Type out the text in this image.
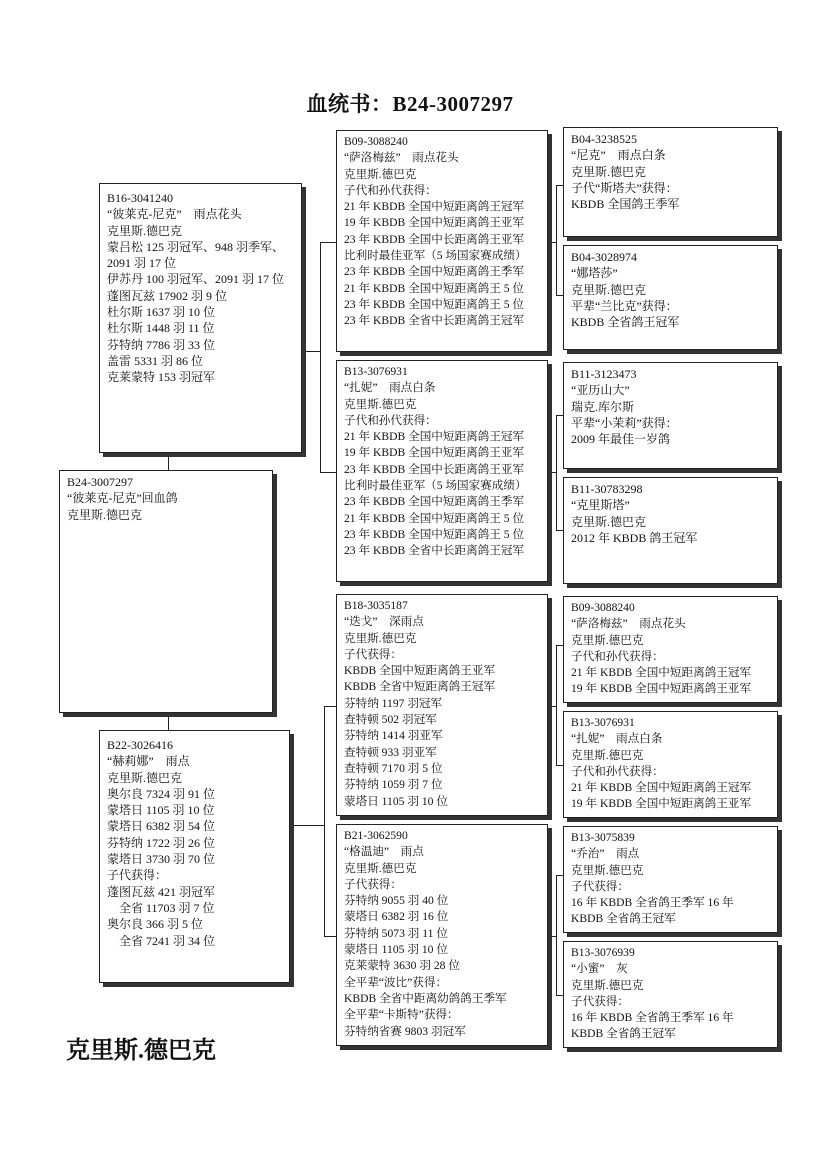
血统书：B24-3007297
B24-3007297
“彼莱克-尼克”回血鸽
克里斯.德巴克
B16-3041240
“彼莱克-尼克”　雨点花头
克里斯.德巴克
蒙吕松 125 羽冠军、948 羽季军、
2091 羽 17 位
伊苏丹 100 羽冠军、2091 羽 17 位
蓬图瓦兹 17902 羽 9 位
杜尔斯 1637 羽 10 位
杜尔斯 1448 羽 11 位
芬特纳 7786 羽 33 位
盖雷 5331 羽 86 位
克莱蒙特 153 羽冠军
B22-3026416
“赫莉娜”　雨点
克里斯.德巴克
奥尔良 7324 羽 91 位
蒙塔日 1105 羽 10 位
蒙塔日 6382 羽 54 位
芬特纳 1722 羽 26 位
蒙塔日 3730 羽 70 位
子代获得：
蓬图瓦兹 421 羽冠军
　全省 11703 羽 7 位
奥尔良 366 羽 5 位
　全省 7241 羽 34 位
B09-3088240
“萨洛梅兹”　雨点花头
克里斯.德巴克
子代和孙代获得：
21 年 KBDB 全国中短距离鸽王冠军
19 年 KBDB 全国中短距离鸽王亚军
23 年 KBDB 全国中长距离鸽王亚军
比利时最佳亚军（5 场国家赛成绩）
23 年 KBDB 全国中短距离鸽王季军
21 年 KBDB 全国中短距离鸽王 5 位
23 年 KBDB 全国中短距离鸽王 5 位
23 年 KBDB 全省中长距离鸽王冠军
B13-3076931
“扎妮”　雨点白条
克里斯.德巴克
子代和孙代获得：
21 年 KBDB 全国中短距离鸽王冠军
19 年 KBDB 全国中短距离鸽王亚军
23 年 KBDB 全国中长距离鸽王亚军
比利时最佳亚军（5 场国家赛成绩）
23 年 KBDB 全国中短距离鸽王季军
21 年 KBDB 全国中短距离鸽王 5 位
23 年 KBDB 全国中短距离鸽王 5 位
23 年 KBDB 全省中长距离鸽王冠军
B18-3035187
“迭戈”　深雨点
克里斯.德巴克
子代获得：
KBDB 全国中短距离鸽王亚军
KBDB 全省中短距离鸽王冠军
芬特纳 1197 羽冠军
查特顿 502 羽冠军
芬特纳 1414 羽亚军
查特顿 933 羽亚军
查特顿 7170 羽 5 位
芬特纳 1059 羽 7 位
蒙塔日 1105 羽 10 位
B21-3062590
“格温迪”　雨点
克里斯.德巴克
子代获得：
芬特纳 9055 羽 40 位
蒙塔日 6382 羽 16 位
芬特纳 5073 羽 11 位
蒙塔日 1105 羽 10 位
克莱蒙特 3630 羽 28 位
全平辈“波比”获得：
KBDB 全省中距离幼鸽鸽王季军
全平辈“卡斯特”获得：
芬特纳省赛 9803 羽冠军
B04-3238525
“尼克”　雨点白条
克里斯.德巴克
子代“斯塔夫”获得：
KBDB 全国鸽王季军
B04-3028974
“娜塔莎”
克里斯.德巴克
平辈“兰比克”获得：
KBDB 全省鸽王冠军
B11-3123473
“亚历山大”
瑞克.库尔斯
平辈“小茉莉”获得：
2009 年最佳一岁鸽
B11-30783298
“克里斯塔”
克里斯.德巴克
2012 年 KBDB 鸽王冠军
B09-3088240
“萨洛梅兹”　雨点花头
克里斯.德巴克
子代和孙代获得：
21 年 KBDB 全国中短距离鸽王冠军
19 年 KBDB 全国中短距离鸽王亚军
B13-3076931
“扎妮”　雨点白条
克里斯.德巴克
子代和孙代获得：
21 年 KBDB 全国中短距离鸽王冠军
19 年 KBDB 全国中短距离鸽王亚军
B13-3075839
“乔治”　雨点
克里斯.德巴克
子代获得：
16 年 KBDB 全省鸽王季军 16 年
KBDB 全省鸽王冠军
B13-3076939
“小蜜”　灰
克里斯.德巴克
子代获得：
16 年 KBDB 全省鸽王季军 16 年
KBDB 全省鸽王冠军
克里斯.德巴克
